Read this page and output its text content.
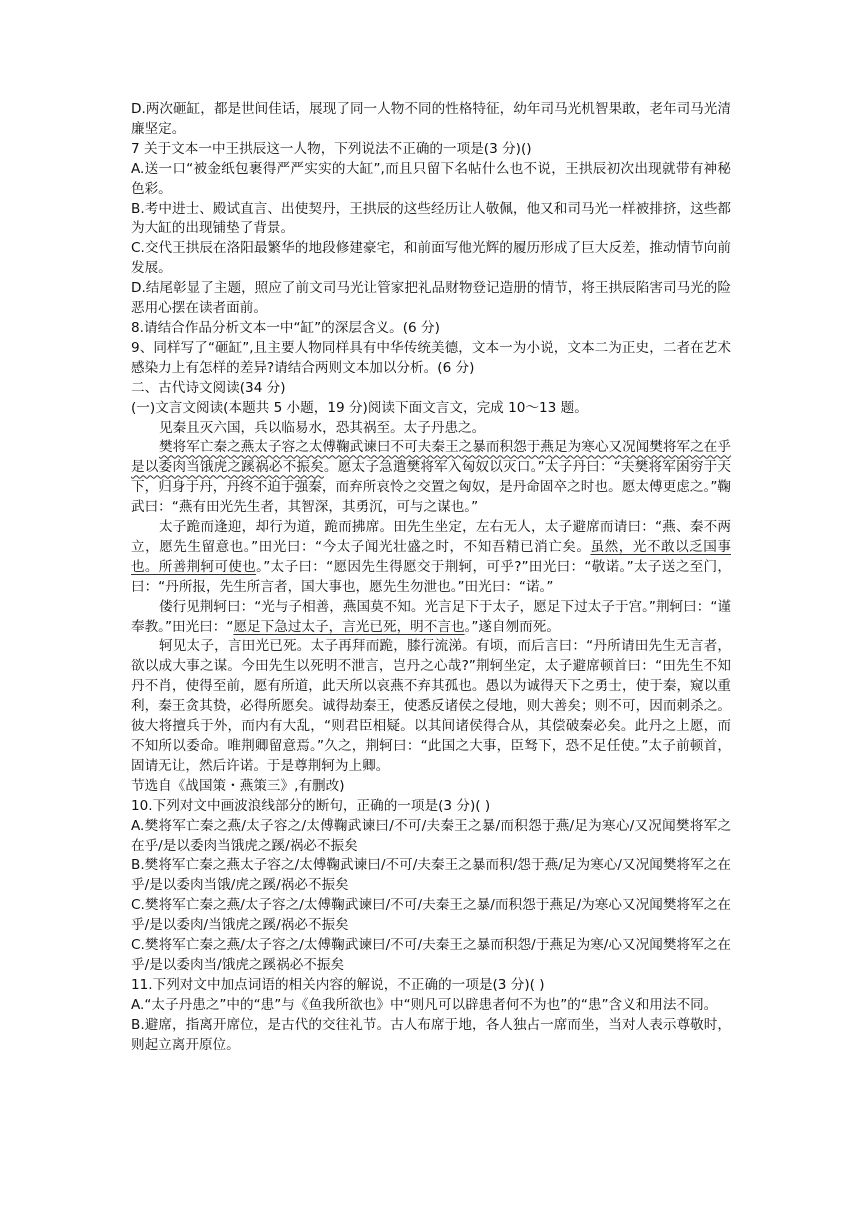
D.两次砸缸，都是世间佳话，展现了同一人物不同的性格特征，幼年司马光机智果敢，老年司马光清廉坚定。

7 关于文本一中王拱辰这一人物，下列说法不正确的一项是(3 分)()

A.送一口“被金纸包裹得严严实实的大缸”,而且只留下名帖什么也不说，王拱辰初次出现就带有神秘色彩。

B.考中进士、殿试直言、出使契丹，王拱辰的这些经历让人敬佩，他又和司马光一样被排挤，这些都为大缸的出现铺垫了背景。

C.交代王拱辰在洛阳最繁华的地段修建豪宅，和前面写他光辉的履历形成了巨大反差，推动情节向前发展。

D.结尾彰显了主题，照应了前文司马光让管家把礼品财物登记造册的情节，将王拱辰陷害司马光的险恶用心摆在读者面前。

8.请结合作品分析文本一中“缸”的深层含义。(6 分)

9、同样写了“砸缸”,且主要人物同样具有中华传统美德，文本一为小说，文本二为正史，二者在艺术感染力上有怎样的差异?请结合两则文本加以分析。(6 分)

二、古代诗文阅读(34 分)

(一)文言文阅读(本题共 5 小题，19 分)阅读下面文言文，完成 10～13 题。

见秦且灭六国，兵以临易水，恐其祸至。太子丹患之。

樊将军亡秦之燕太子容之太傅鞠武谏曰不可夫秦王之暴而积怨于燕足为寒心又况闻樊将军之在乎是以委肉当饿虎之蹊祸必不振矣。愿太子急遣樊将军入匈奴以灭口。”太子丹曰：“夫樊将军困穷于天下，归身于丹，丹终不迫于强秦，而弃所哀怜之交置之匈奴，是丹命固卒之时也。愿太傅更虑之。”鞠武曰：“燕有田光先生者，其智深，其勇沉，可与之谋也。”

太子跪而逢迎，却行为道，跪而拂席。田先生坐定，左右无人，太子避席而请曰：“燕、秦不两立，愿先生留意也。”田光曰：“今太子闻光壮盛之时，不知吾精已消亡矣。虽然，光不敢以乏国事也。所善荆轲可使也。”太子曰：“愿因先生得愿交于荆轲，可乎?”田光曰：“敬诺。”太子送之至门，曰：“丹所报，先生所言者，国大事也，愿先生勿泄也。”田光曰：“诺。”

偻行见荆轲曰：“光与子相善，燕国莫不知。光言足下于太子，愿足下过太子于宫。”荆轲曰：“谨奉教。”田光曰：“愿足下急过太子，言光已死，明不言也。”遂自刎而死。

轲见太子，言田光已死。太子再拜而跪，膝行流涕。有顷，而后言曰：“丹所请田先生无言者，欲以成大事之谋。今田先生以死明不泄言，岂丹之心哉?”荆轲坐定，太子避席顿首曰：“田先生不知丹不肖，使得至前，愿有所道，此天所以哀燕不弃其孤也。愚以为诚得天下之勇士，使于秦，窥以重利，秦王贪其贽，必得所愿矣。诚得劫秦王，使悉反诸侯之侵地，则大善矣；则不可，因而刺杀之。彼大将擅兵于外，而内有大乱，“则君臣相疑。以其间诸侯得合从，其偿破秦必矣。此丹之上愿，而不知所以委命。唯荆卿留意焉。”久之，荆轲曰：“此国之大事，臣驽下，恐不足任使。”太子前顿首，固请无让，然后许诺。于是尊荆轲为上卿。

节选自《战国策・燕策三》,有删改)

10.下列对文中画波浪线部分的断句，正确的一项是(3 分)( )

A.樊将军亡秦之燕/太子容之/太傅鞠武谏曰/不可/夫秦王之暴/而积怨于燕/足为寒心/又况闻樊将军之在乎/是以委肉当饿虎之蹊/祸必不振矣

B.樊将军亡秦之燕太子容之/太傅鞠武谏曰/不可/夫秦王之暴而积/怨于燕/足为寒心/又况闻樊将军之在乎/是以委肉当饿/虎之蹊/祸必不振矣

C.樊将军亡秦之燕/太子容之/太傅鞠武谏曰/不可/夫秦王之暴/而积怨于燕足/为寒心又况闻樊将军之在乎/是以委肉/当饿虎之蹊/祸必不振矣

C.樊将军亡秦之燕/太子容之/太傅鞠武谏曰/不可/夫秦王之暴而积怨/于燕足为寒/心又况闻樊将军之在乎/是以委肉当/饿虎之蹊祸必不振矣

11.下列对文中加点词语的相关内容的解说，不正确的一项是(3 分)( )

A.“太子丹患之”中的“患”与《鱼我所欲也》中“则凡可以辟患者何不为也”的“患”含义和用法不同。

B.避席，指离开席位，是古代的交往礼节。古人布席于地，各人独占一席而坐，当对人表示尊敬时，则起立离开原位。
